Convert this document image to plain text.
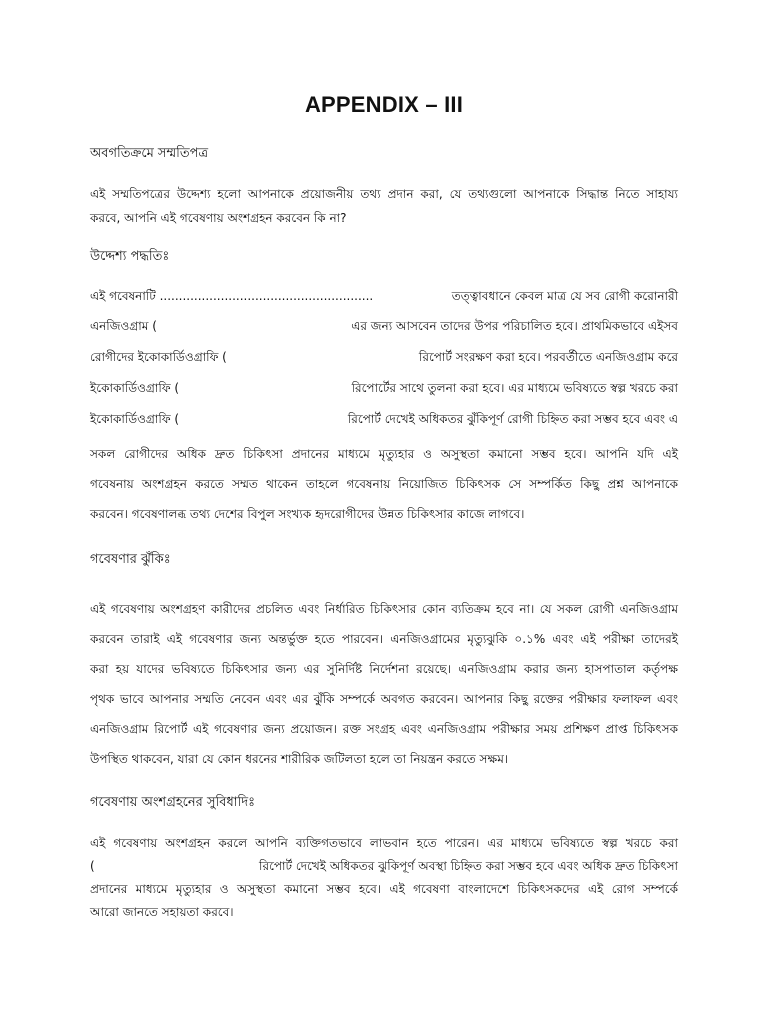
APPENDIX – III
অবগতিক্রমে সম্মতিপত্র
এই সম্মতিপত্রের উদ্দেশ্য হলো আপনাকে প্রয়োজনীয় তথ্য প্রদান করা, যে তথ্যগুলো আপনাকে সিদ্ধান্ত নিতে সাহায্য
করবে, আপনি এই গবেষণায় অংশগ্রহন করবেন কি না?
উদ্দেশ্য পদ্ধতিঃ
এই গবেষনাটি ........................................................	তত্ত্বাবধানে কেবল মাত্র যে সব রোগী করোনারী
এনজিওগ্রাম (	এর জন্য আসবেন তাদের উপর পরিচালিত হবে। প্রাথমিকভাবে এইসব
রোগীদের ইকোকার্ডিওগ্রাফি (	রিপোর্ট সংরক্ষণ করা হবে। পরবর্তীতে এনজিওগ্রাম করে
ইকোকার্ডিওগ্রাফি (	রিপোর্টের সাথে তুলনা করা হবে। এর মাধ্যমে ভবিষ্যতে স্বল্প খরচে করা
ইকোকার্ডিওগ্রাফি (	রিপোর্ট দেখেই অধিকতর ঝুঁকিপূর্ণ রোগী চিহ্নিত করা সম্ভব হবে এবং এ
সকল রোগীদের অধিক দ্রুত চিকিৎসা প্রদানের মাধ্যমে মৃত্যুহার ও অসুস্থতা কমানো সম্ভব হবে। আপনি যদি এই
গবেষনায় অংশগ্রহন করতে সম্মত থাকেন তাহলে গবেষনায় নিয়োজিত চিকিৎসক সে সম্পর্কিত কিছু প্রশ্ন আপনাকে
করবেন। গবেষণালব্ধ তথ্য দেশের বিপুল সংখ্যক হৃদরোগীদের উন্নত চিকিৎসার কাজে লাগবে।
গবেষণার ঝুঁকিঃ
এই গবেষণায় অংশগ্রহণ কারীদের প্রচলিত এবং নির্ধারিত চিকিৎসার কোন ব্যতিক্রম হবে না। যে সকল রোগী এনজিওগ্রাম
করবেন তারাই এই গবেষণার জন্য অন্তর্ভুক্ত হতে পারবেন। এনজিওগ্রামের মৃত্যুঝুকি ০.১% এবং এই পরীক্ষা তাদেরই
করা হয় যাদের ভবিষ্যতে চিকিৎসার জন্য এর সুনির্দিষ্ট নির্দেশনা রয়েছে। এনজিওগ্রাম করার জন্য হাসপাতাল কর্তৃপক্ষ
পৃথক ভাবে আপনার সম্মতি নেবেন এবং এর ঝুঁকি সম্পর্কে অবগত করবেন। আপনার কিছু রক্তের পরীক্ষার ফলাফল এবং
এনজিওগ্রাম রিপোর্ট এই গবেষণার জন্য প্রয়োজন। রক্ত সংগ্রহ এবং এনজিওগ্রাম পরীক্ষার সময় প্রশিক্ষণ প্রাপ্ত চিকিৎসক
উপস্থিত থাকবেন, যারা যে কোন ধরনের শারীরিক জটিলতা হলে তা নিয়ন্ত্রন করতে সক্ষম।
গবেষণায় অংশগ্রহনের সুবিধাদিঃ
এই গবেষণায় অংশগ্রহন করলে আপনি ব্যক্তিগতভাবে লাভবান হতে পারেন। এর মাধ্যমে ভবিষ্যতে স্বল্প খরচে করা
(	রিপোর্ট দেখেই অধিকতর ঝুকিপূর্ণ অবস্থা চিহ্নিত করা সম্ভব হবে এবং অধিক দ্রুত চিকিৎসা
প্রদানের মাধ্যমে মৃত্যুহার ও অসুস্থতা কমানো সম্ভব হবে। এই গবেষণা বাংলাদেশে চিকিৎসকদের এই রোগ সম্পর্কে
আরো জানতে সহায়তা করবে।
